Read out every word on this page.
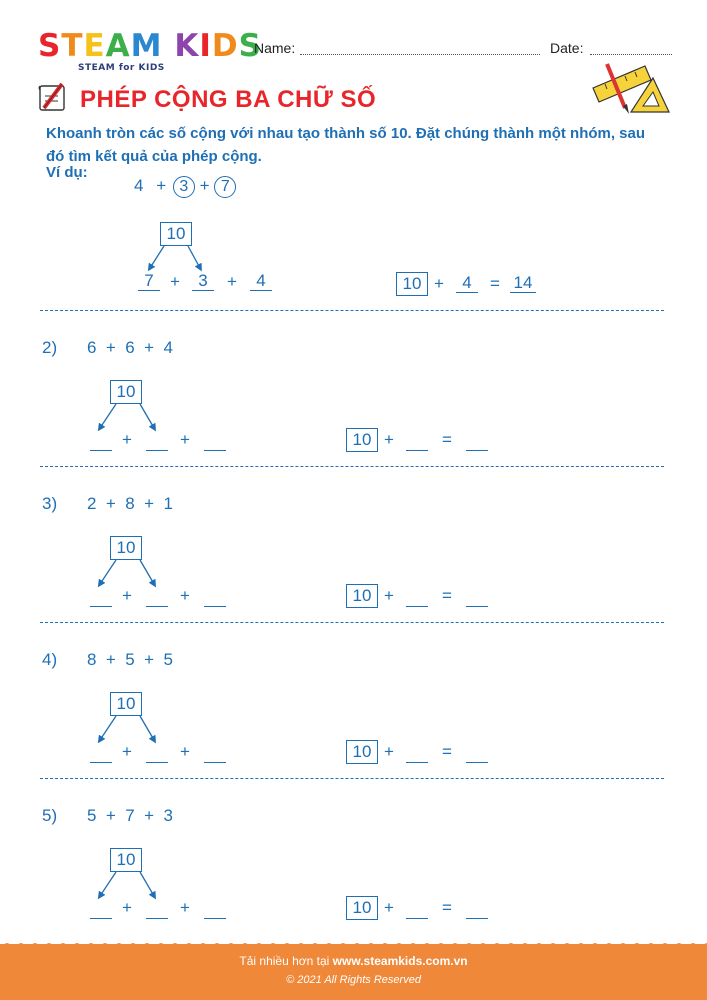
STEAM KIDS
STEAM for KIDS
Name:	Date:
PHÉP CỘNG BA CHỮ SỐ
Khoanh tròn các số cộng với nhau tạo thành số 10. Đặt chúng thành một nhóm, sau đó tìm kết quả của phép cộng.
Ví dụ:
4 + 3 + 7
10
7 +	3	+	4	10 +	4	= 14
2) 6  +  6  +  4
10
+	+	10 +	=
3) 2  +  8  +  1
10
+	+	10 +	=
4) 8  +  5  +  5
10
+	+	10 +	=
5) 5  +  7  +  3
10
+	+	10 +	=
Tải nhiều hơn tại www.steamkids.com.vn
© 2021 All Rights Reserved
